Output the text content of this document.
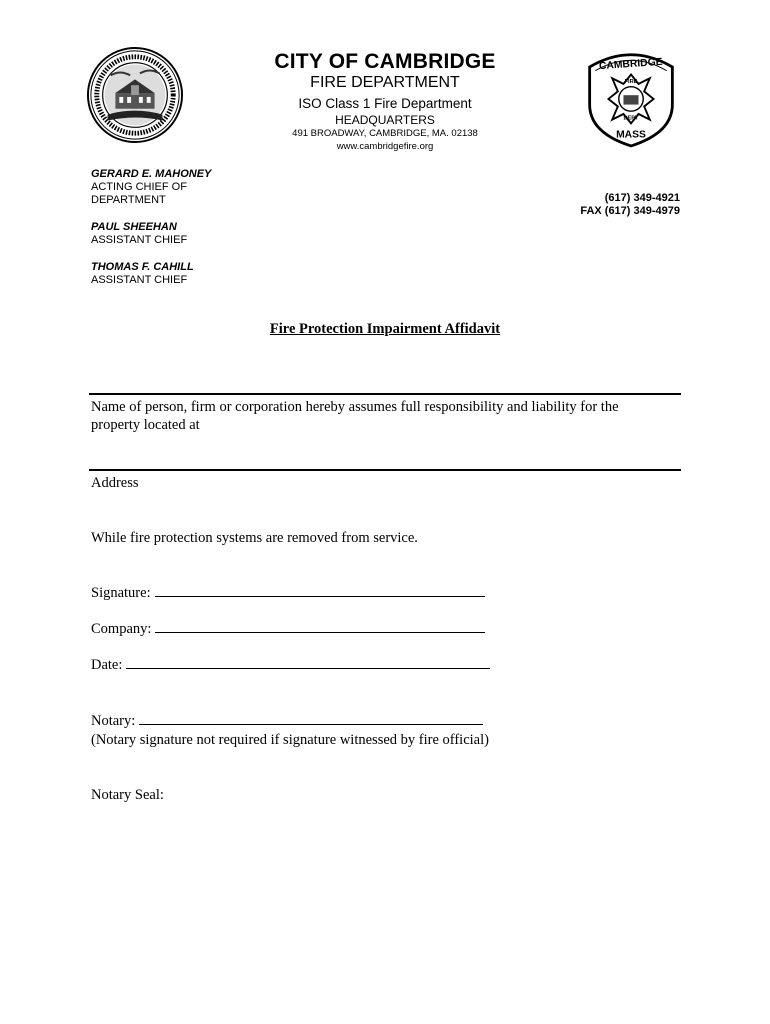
CITY OF CAMBRIDGE
FIRE DEPARTMENT
ISO Class 1 Fire Department
HEADQUARTERS
491 BROADWAY, CAMBRIDGE, MA. 02138
www.cambridgefire.org
CAMBRIDGE
FIRE
DEPT
MASS
GERARD E. MAHONEY
ACTING CHIEF OF
DEPARTMENT
PAUL SHEEHAN
ASSISTANT CHIEF
THOMAS F. CAHILL
ASSISTANT CHIEF
(617) 349-4921
FAX (617) 349-4979
Fire Protection Impairment Affidavit
Name of person, firm or corporation hereby assumes full responsibility and liability for the
property located at
Address
While fire protection systems are removed from service.
Signature:
Company:
Date:
Notary:
(Notary signature not required if signature witnessed by fire official)
Notary Seal:
